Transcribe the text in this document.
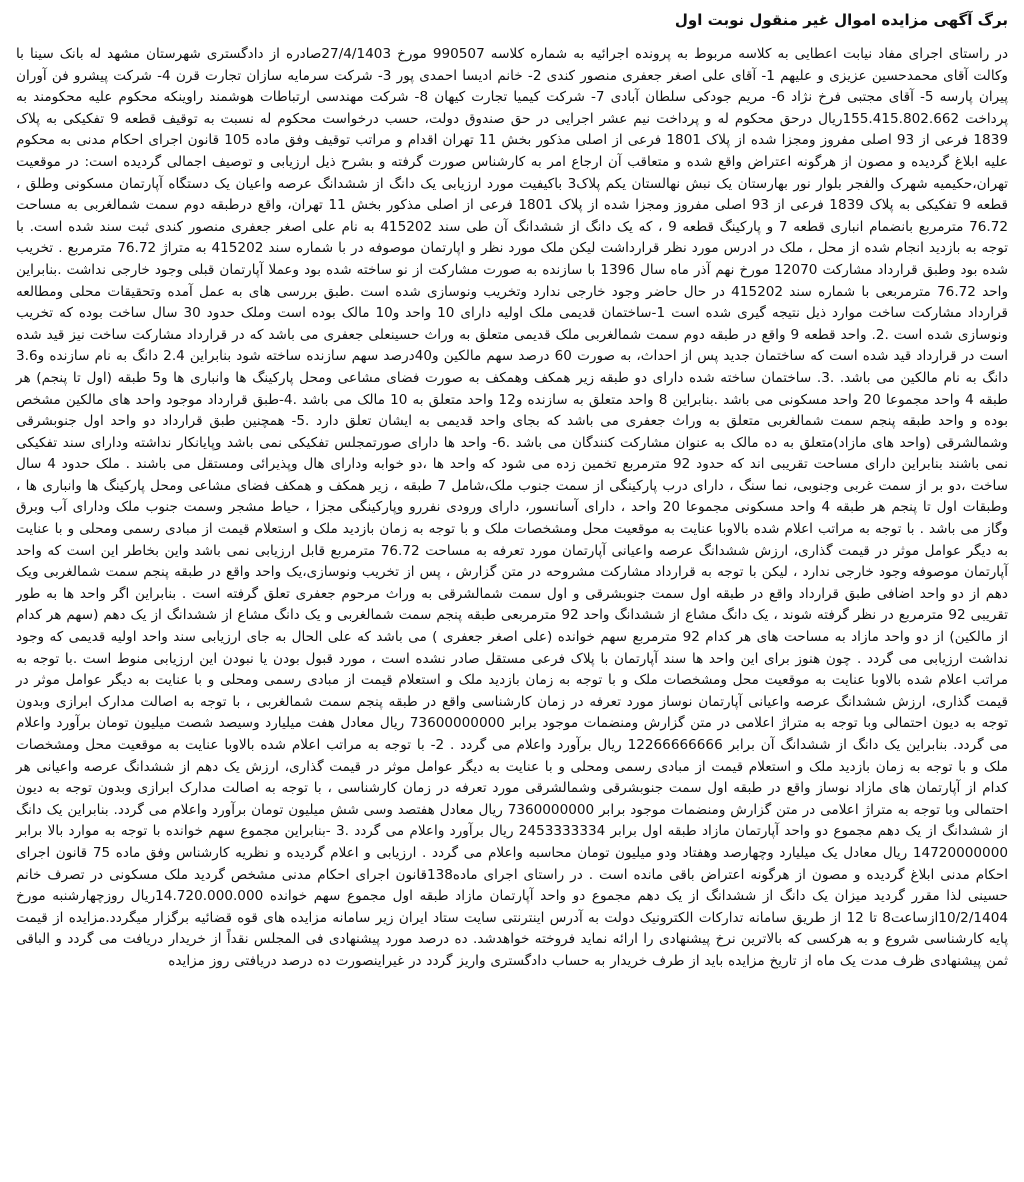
برگ آگهی مزایده اموال غیر منقول نوبت اول

در راستای اجرای مفاد نیابت اعطایی به کلاسه مربوط به پرونده اجرائیه به شماره کلاسه 990507 مورخ 27/4/1403صادره از دادگستری شهرستان مشهد له بانک سینا با وکالت آقای محمدحسین عزیزی و علیهم 1- آقای علی اصغر جعفری منصور کندی 2- خانم ادیسا احمدی پور 3- شرکت سرمایه سازان تجارت قرن 4- شرکت پیشرو فن آوران پیران پارسه 5- آقای مجتبی فرخ نژاد 6- مریم جودکی سلطان آبادی 7- شرکت کیمیا تجارت کیهان 8- شرکت مهندسی ارتباطات هوشمند راوینکه محکوم علیه محکومند به پرداخت 155.415.802.662ریال درحق محکوم له و پرداخت نیم عشر اجرایی در حق صندوق دولت، حسب درخواست محکوم له نسبت به توقیف قطعه 9 تفکیکی به پلاک 1839 فرعی از 93 اصلی مفروز ومجزا شده از پلاک 1801 فرعی از اصلی مذکور بخش 11 تهران اقدام و مراتب توقیف وفق ماده 105 قانون اجرای احکام مدنی به محکوم علیه ابلاغ گردیده و مصون از هرگونه اعتراض واقع شده و متعاقب آن ارجاع امر به کارشناس صورت گرفته و بشرح ذیل ارزیابی و توصیف اجمالی گردیده است: در موقعیت تهران،حکیمیه شهرک والفجر بلوار نور بهارستان یک نبش نهالستان یکم پلاک3 باکیفیت مورد ارزیابی یک دانگ از ششدانگ عرصه واعیان یک دستگاه آپارتمان مسکونی وطلق ، قطعه 9 تفکیکی به پلاک 1839 فرعی از 93 اصلی مفروز ومجزا شده از پلاک 1801 فرعی از اصلی مذکور بخش 11 تهران، واقع درطبقه دوم سمت شمالغربی به مساحت 76.72 مترمربع بانضمام انباری قطعه 7 و پارکینگ قطعه 9 ، که یک دانگ از ششدانگ آن طی سند 415202 به نام علی اصغر جعفری منصور کندی ثبت سند شده است. با توجه به بازدید انجام شده از محل ، ملک در ادرس مورد نظر قرارداشت لیکن ملک مورد نظر و اپارتمان موصوفه در با شماره سند 415202 به متراژ 76.72 مترمربع . تخریب شده بود وطبق قرارداد مشارکت 12070 مورخ نهم آذر ماه سال 1396 با سازنده به صورت مشارکت از نو ساخته شده بود وعملا آپارتمان قبلی وجود خارجی نداشت .بنابراین واحد 76.72 مترمربعی با شماره سند 415202 در حال حاضر وجود خارجی ندارد وتخریب ونوسازی شده است .طبق بررسی های به عمل آمده وتحقیقات محلی ومطالعه قرارداد مشارکت ساخت موارد ذیل نتیجه گیری شده است 1-ساختمان قدیمی ملک اولیه دارای 10 واحد و10 مالک بوده است وملک حدود 30 سال ساخت بوده که تخریب ونوسازی شده است .2. واحد قطعه 9 واقع در طبقه دوم سمت شمالغربی ملک قدیمی متعلق به وراث حسینعلی جعفری می باشد که در قرارداد مشارکت ساخت نیز قید شده است در قرارداد قید شده است که ساختمان جدید پس از احداث، به صورت 60 درصد سهم مالکین و40درصد سهم سازنده ساخته شود بنابراین 2.4 دانگ به نام سازنده و3.6 دانگ به نام مالکین می باشد. .3. ساختمان ساخته شده دارای دو طبقه زیر همکف وهمکف به صورت فضای مشاعی ومحل پارکینگ ها وانباری ها و5 طبقه (اول تا پنجم) هر طبقه 4 واحد مجموعا 20 واحد مسکونی می باشد .بنابراین 8 واحد متعلق به سازنده و12 واحد متعلق به 10 مالک می باشد .4-طبق قرارداد موجود واحد های مالکین مشخص بوده و واحد طبقه پنجم سمت شمالغربی متعلق به وراث جعفری می باشد که بجای واحد قدیمی به ایشان تعلق دارد .5- همچنین طبق قرارداد دو واحد اول جنوبشرقی وشمالشرقی (واحد های مازاد)متعلق به ده مالک به عنوان مشارکت کنندگان می باشد .6- واحد ها دارای صورتمجلس تفکیکی نمی باشد وپایانکار نداشته ودارای سند تفکیکی نمی باشند بنابراین دارای مساحت تقریبی اند که حدود 92 مترمربع تخمین زده می شود که واحد ها ،دو خوابه ودارای هال وپذیرائی ومستقل می باشند . ملک حدود 4 سال ساخت ،دو بر از سمت غربی وجنوبی، نما سنگ ، دارای درب پارکینگی از سمت جنوب ملک،شامل 7 طبقه ، زیر همکف و همکف فضای مشاعی ومحل پارکینگ ها وانباری ها ، وطبقات اول تا پنجم هر طبقه 4 واحد مسکونی مجموعا 20 واحد ، دارای آسانسور، دارای ورودی نفررو وپارکینگی مجزا ، حیاط مشجر وسمت جنوب ملک ودارای آب وبرق وگاز می باشد . با توجه به مراتب اعلام شده بالاوبا عنایت به موقعیت محل ومشخصات ملک و با توجه به زمان بازدید ملک و استعلام قیمت از مبادی رسمی ومحلی و با عنایت به دیگر عوامل موثر در قیمت گذاری، ارزش ششدانگ عرصه واعیانی آپارتمان مورد تعرفه به مساحت 76.72 مترمربع قابل ارزیابی نمی باشد واین بخاطر این است که واحد آپارتمان موصوفه وجود خارجی ندارد ، لیکن با توجه به قرارداد مشارکت مشروحه در متن گزارش ، پس از تخریب ونوسازی،یک واحد واقع در طبقه پنجم سمت شمالغربی ویک دهم از دو واحد اضافی طبق قرارداد واقع در طبقه اول سمت جنوبشرقی و اول سمت شمالشرقی به وراث مرحوم جعفری تعلق گرفته است . بنابراین اگر واحد ها به طور تقریبی 92 مترمربع در نظر گرفته شوند ، یک دانگ مشاع از ششدانگ واحد 92 مترمربعی طبقه پنجم سمت شمالغربی و یک دانگ مشاع از ششدانگ از یک دهم (سهم هر کدام از مالکین) از دو واحد مازاد به مساحت های هر کدام 92 مترمربع سهم خوانده (علی اصغر جعفری ) می باشد که علی الحال به جای ارزیابی سند واحد اولیه قدیمی که وجود نداشت ارزیابی می گردد . چون هنوز برای این واحد ها سند آپارتمان با پلاک فرعی مستقل صادر نشده است ، مورد قبول بودن یا نبودن این ارزیابی منوط است .با توجه به مراتب اعلام شده بالاوبا عنایت به موقعیت محل ومشخصات ملک و با توجه به زمان بازدید ملک و استعلام قیمت از مبادی رسمی ومحلی و با عنایت به دیگر عوامل موثر در قیمت گذاری، ارزش ششدانگ عرصه واعیانی آپارتمان نوساز مورد تعرفه در زمان کارشناسی واقع در طبقه پنجم سمت شمالغربی ، با توجه به اصالت مدارک ابرازی وبدون توجه به دیون احتمالی وبا توجه به متراژ اعلامی در متن گزارش ومنضمات موجود برابر 73600000000 ریال معادل هفت میلیارد وسیصد شصت میلیون تومان برآورد واعلام می گردد. بنابراین یک دانگ از ششدانگ آن برابر 12266666666 ریال برآورد واعلام می گردد . 2- با توجه به مراتب اعلام شده بالاوبا عنایت به موقعیت محل ومشخصات ملک و با توجه به زمان بازدید ملک و استعلام قیمت از مبادی رسمی ومحلی و با عنایت به دیگر عوامل موثر در قیمت گذاری، ارزش یک دهم از ششدانگ عرصه واعیانی هر کدام از آپارتمان های مازاد نوساز واقع در طبقه اول سمت جنوبشرقی وشمالشرقی مورد تعرفه در زمان کارشناسی ، با توجه به اصالت مدارک ابرازی وبدون توجه به دیون احتمالی وبا توجه به متراژ اعلامی در متن گزارش ومنضمات موجود برابر 7360000000 ریال معادل هفتصد وسی شش میلیون تومان برآورد واعلام می گردد. بنابراین یک دانگ از ششدانگ از یک دهم مجموع دو واحد آپارتمان مازاد طبقه اول برابر 2453333334 ریال برآورد واعلام می گردد .3 -بنابراین مجموع سهم خوانده با توجه به موارد بالا برابر 14720000000 ریال معادل یک میلیارد وچهارصد وهفتاد ودو میلیون تومان محاسبه واعلام می گردد . ارزیابی و اعلام گردیده و نظریه کارشناس وفق ماده 75 قانون اجرای احکام مدنی ابلاغ گردیده و مصون از هرگونه اعتراض باقی مانده است . در راستای اجرای ماده138قانون اجرای احکام مدنی مشخص گردید ملک مسکونی در تصرف خانم حسینی لذا مقرر گردید میزان یک دانگ از ششدانگ از یک دهم مجموع دو واحد آپارتمان مازاد طبقه اول مجموع سهم خوانده 14.720.000.000ریال روزچهارشنبه مورخ 10/2/1404ازساعت8 تا 12 از طریق سامانه تدارکات الکترونیک دولت به آدرس اینترنتی سایت ستاد ایران زیر سامانه مزایده های قوه قضائیه برگزار میگردد.مزایده از قیمت پایه کارشناسی شروع و به هرکسی که بالاترین نرخ پیشنهادی را ارائه نماید فروخته خواهدشد. ده درصد مورد پیشنهادی فی المجلس نقداً از خریدار دریافت می گردد و الباقی ثمن پیشنهادی ظرف مدت یک ماه از تاریخ مزایده باید از طرف خریدار به حساب دادگستری واریز گردد در غیراینصورت ده درصد دریافتی روز مزایده
